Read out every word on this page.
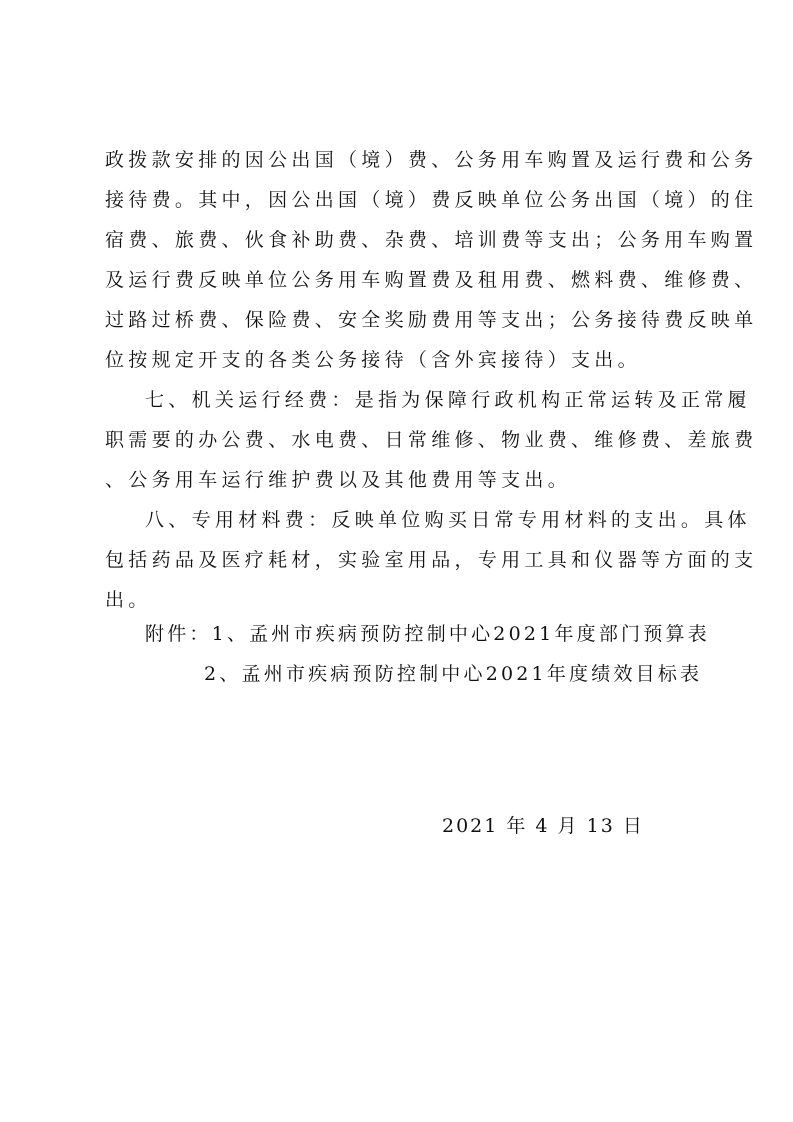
政拨款安排的因公出国（境）费、公务用车购置及运行费和公务
接待费。其中，因公出国（境）费反映单位公务出国（境）的住
宿费、旅费、伙食补助费、杂费、培训费等支出；公务用车购置
及运行费反映单位公务用车购置费及租用费、燃料费、维修费、
过路过桥费、保险费、安全奖励费用等支出；公务接待费反映单
位按规定开支的各类公务接待（含外宾接待）支出。
七、机关运行经费：是指为保障行政机构正常运转及正常履
职需要的办公费、水电费、日常维修、物业费、维修费、差旅费
、公务用车运行维护费以及其他费用等支出。
八、专用材料费：反映单位购买日常专用材料的支出。具体
包括药品及医疗耗材，实验室用品，专用工具和仪器等方面的支
出。
附件：1、孟州市疾病预防控制中心2021年度部门预算表
2、孟州市疾病预防控制中心2021年度绩效目标表
2021 年 4 月 13 日
